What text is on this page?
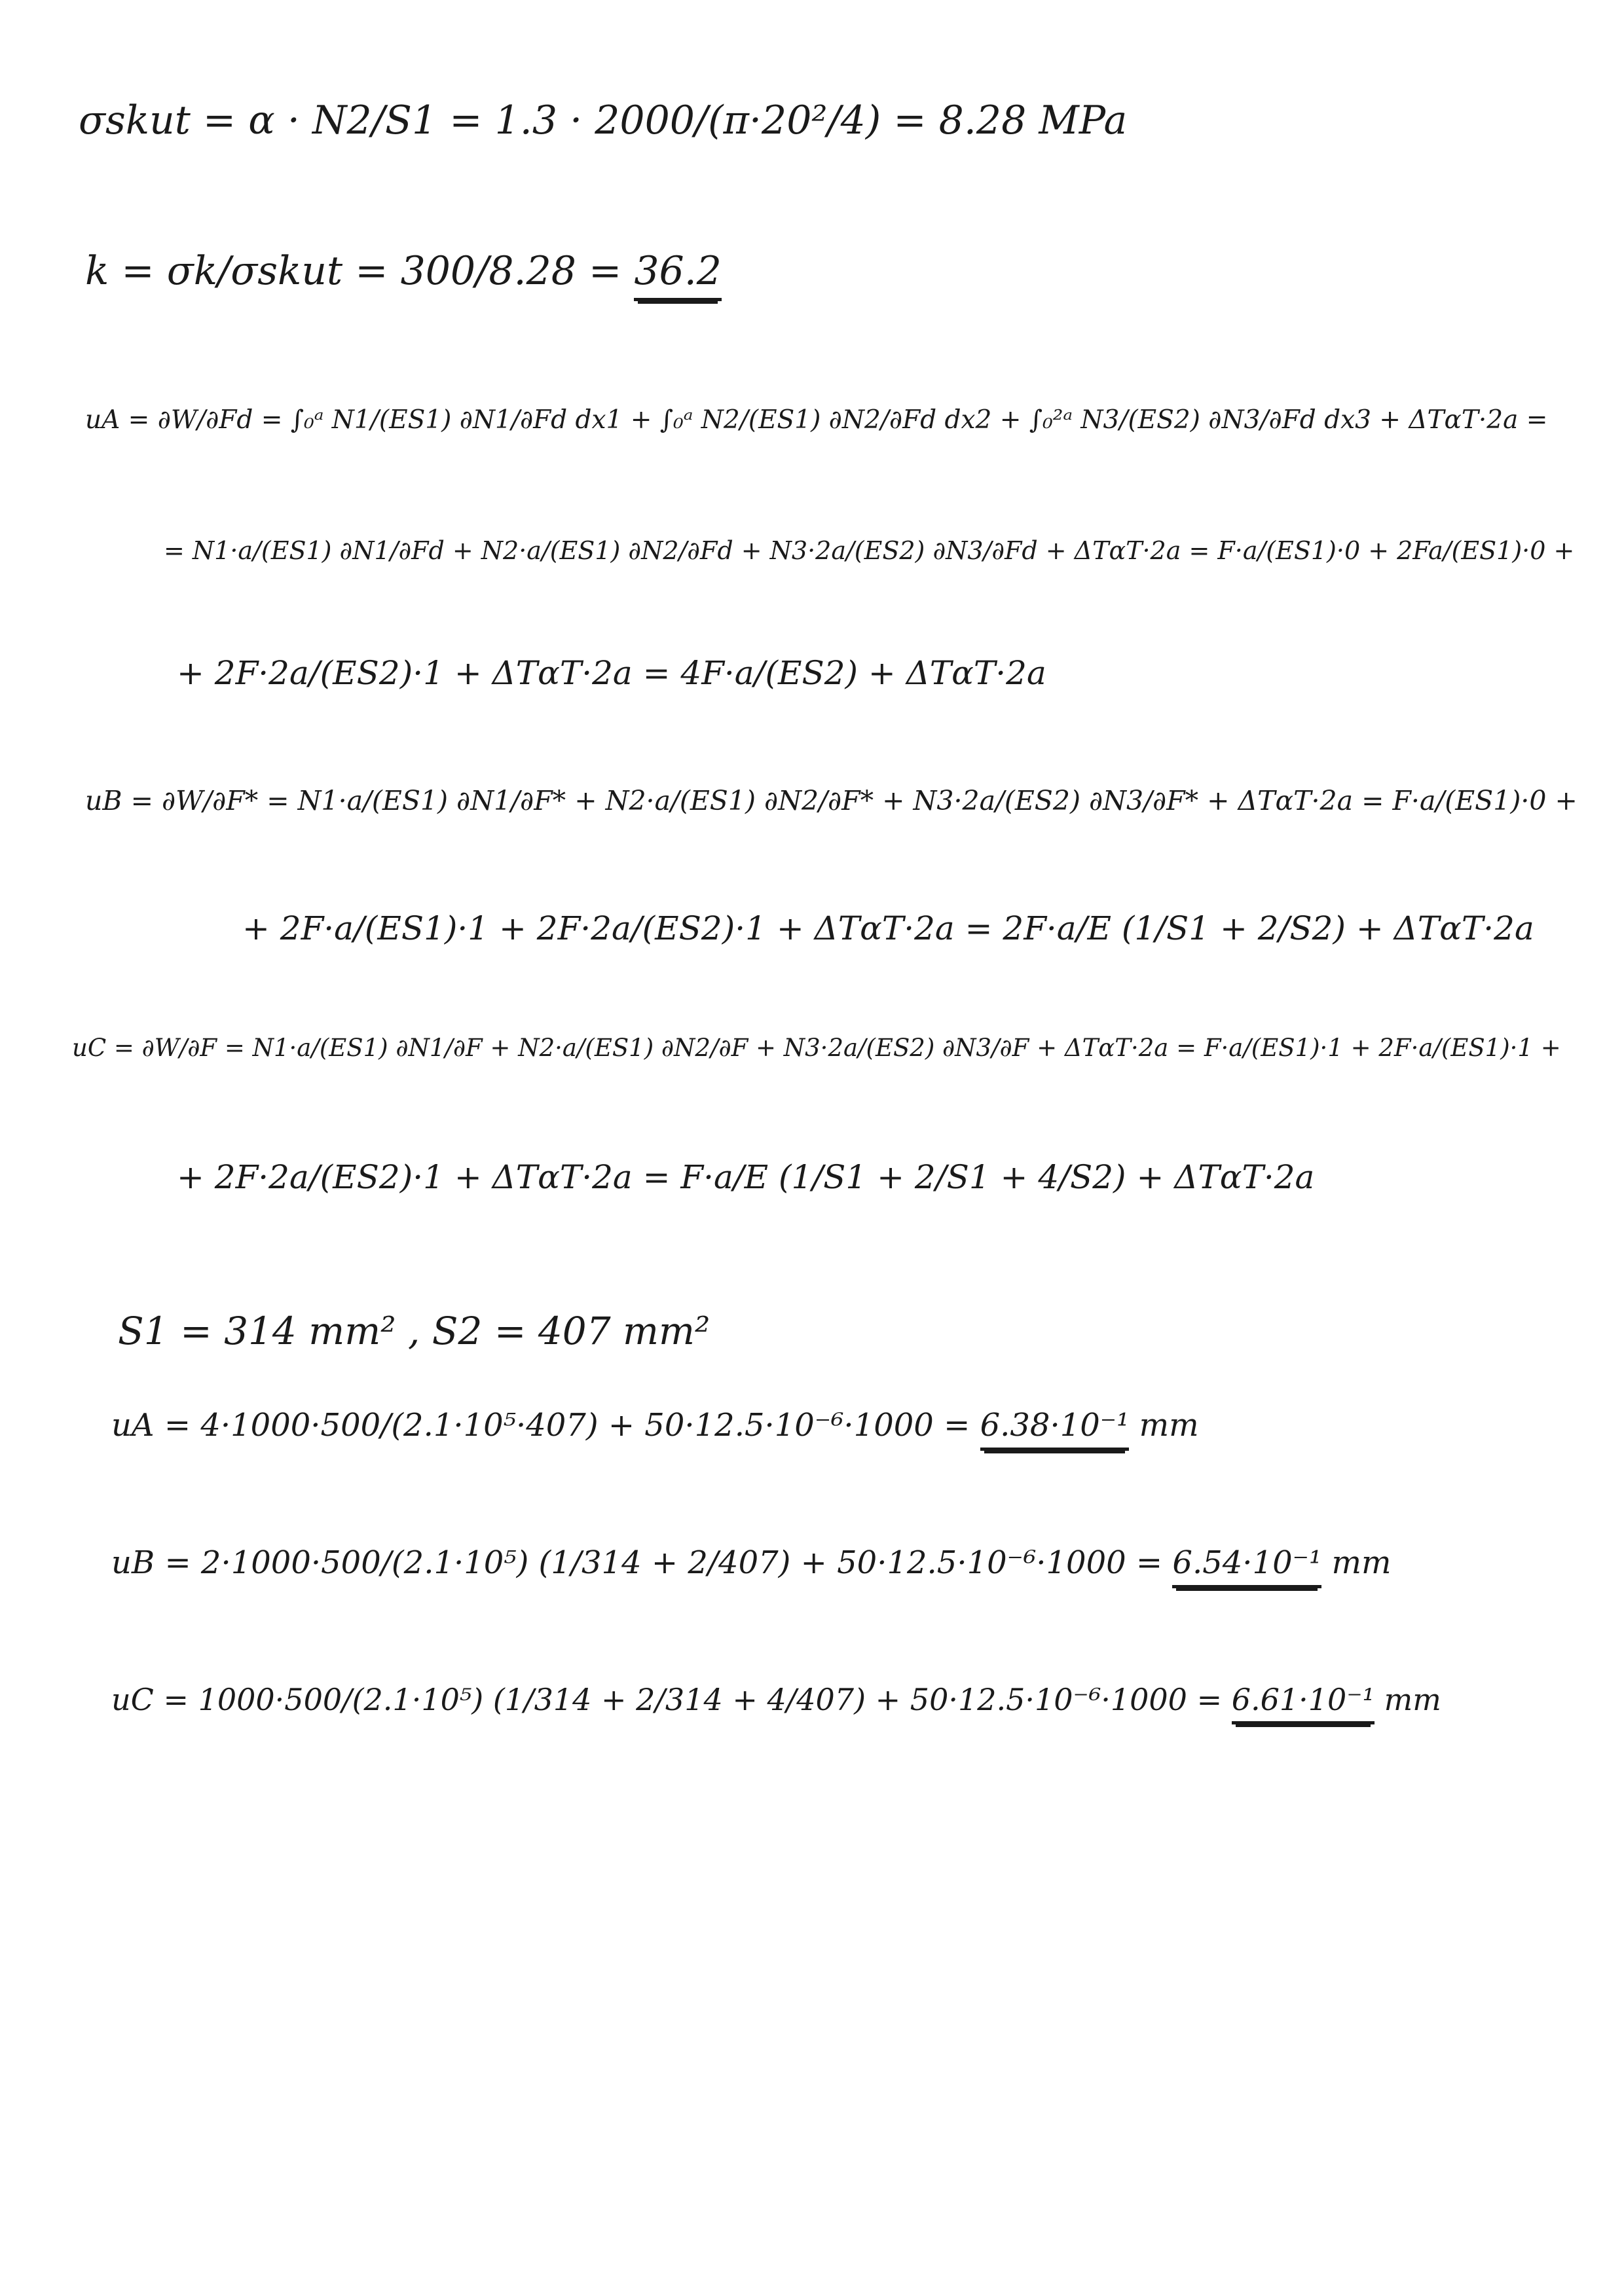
σskut = α · N2/S1 = 1.3 · 2000/(π·20²/4) = 8.28 MPa
k = σk/σskut = 300/8.28 = 36.2
uA = ∂W/∂Fd = ∫₀ᵃ N1/(ES1) ∂N1/∂Fd dx1 + ∫₀ᵃ N2/(ES1) ∂N2/∂Fd dx2 + ∫₀²ᵃ N3/(ES2) ∂N3/∂Fd dx3 + ΔTαT·2a =
= N1·a/(ES1) ∂N1/∂Fd + N2·a/(ES1) ∂N2/∂Fd + N3·2a/(ES2) ∂N3/∂Fd + ΔTαT·2a = F·a/(ES1)·0 + 2Fa/(ES1)·0 +
+ 2F·2a/(ES2)·1 + ΔTαT·2a = 4F·a/(ES2) + ΔTαT·2a
uB = ∂W/∂F* = N1·a/(ES1) ∂N1/∂F* + N2·a/(ES1) ∂N2/∂F* + N3·2a/(ES2) ∂N3/∂F* + ΔTαT·2a = F·a/(ES1)·0 +
+ 2F·a/(ES1)·1 + 2F·2a/(ES2)·1 + ΔTαT·2a = 2F·a/E (1/S1 + 2/S2) + ΔTαT·2a
uC = ∂W/∂F = N1·a/(ES1) ∂N1/∂F + N2·a/(ES1) ∂N2/∂F + N3·2a/(ES2) ∂N3/∂F + ΔTαT·2a = F·a/(ES1)·1 + 2F·a/(ES1)·1 +
+ 2F·2a/(ES2)·1 + ΔTαT·2a = F·a/E (1/S1 + 2/S1 + 4/S2) + ΔTαT·2a
S1 = 314 mm² , S2 = 407 mm²
uA = 4·1000·500/(2.1·10⁵·407) + 50·12.5·10⁻⁶·1000 = 6.38·10⁻¹ mm
uB = 2·1000·500/(2.1·10⁵) (1/314 + 2/407) + 50·12.5·10⁻⁶·1000 = 6.54·10⁻¹ mm
uC = 1000·500/(2.1·10⁵) (1/314 + 2/314 + 4/407) + 50·12.5·10⁻⁶·1000 = 6.61·10⁻¹ mm
